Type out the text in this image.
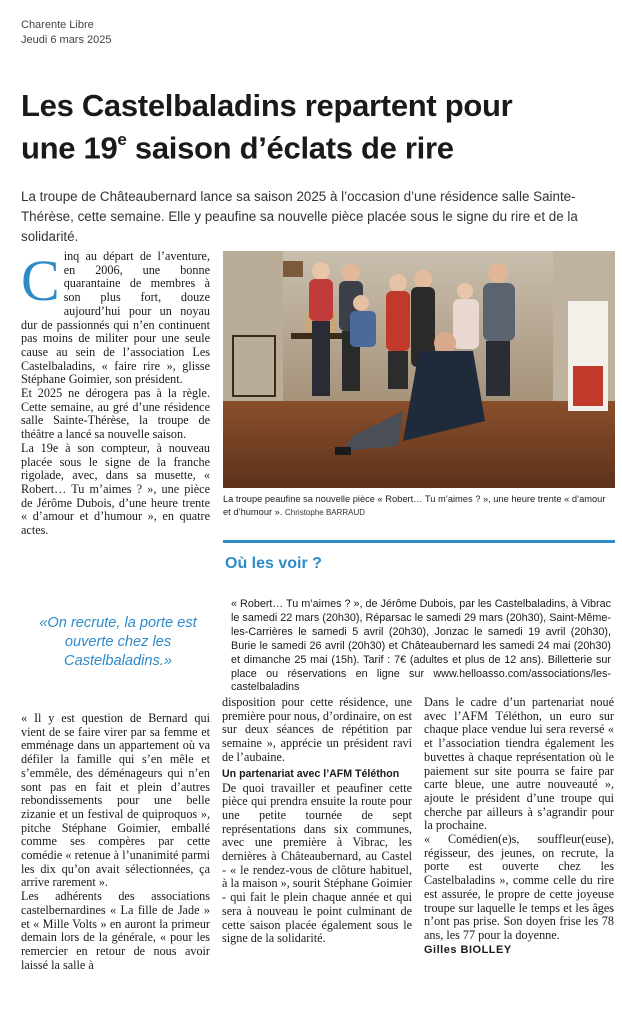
Charente Libre
Jeudi 6 mars 2025
Les Castelbaladins repartent pour
une 19e saison d’éclats de rire

La troupe de Châteaubernard lance sa saison 2025 à l’occasion d’une résidence salle Sainte-Thérèse, cette semaine. Elle y peaufine sa nouvelle pièce placée sous le signe du rire et de la solidarité.

Cinq au départ de l’aventure, en 2006, une bonne quarantaine de membres à son plus fort, douze aujourd’hui pour un noyau dur de passionnés qui n’en continuent pas moins de militer pour une seule cause au sein de l’association Les Castelbaladins, « faire rire », glisse Stéphane Goimier, son président.

Et 2025 ne dérogera pas à la règle. Cette semaine, au gré d’une résidence salle Sainte-Thérèse, la troupe de théâtre a lancé sa nouvelle saison.

La 19e à son compteur, à nouveau placée sous le signe de la franche rigolade, avec, dans sa musette, « Robert… Tu m’aimes ? », une pièce de Jérôme Dubois, d’une heure trente « d’amour et d’humour », en quatre actes.

«On recrute, la porte est ouverte chez les Castelbaladins.»

« Il y est question de Bernard qui vient de se faire virer par sa femme et emménage dans un appartement où va défiler la famille qui s’en mêle et s’emmêle, des déménageurs qui n’en sont pas en fait et plein d’autres rebondissements pour une belle zizanie et un festival de quiproquos », pitche Stéphane Goimier, emballé comme ses compères par cette comédie « retenue à l’unanimité parmi les dix qu’on avait sélectionnées, ça arrive rarement ».

Les adhérents des associations castelbernardines « La fille de Jade » et « Mille Volts » en auront la primeur demain lors de la générale, « pour les remercier en retour de nous avoir laissé la salle à

La troupe peaufine sa nouvelle pièce « Robert… Tu m’aimes ? », une heure trente « d’amour et d’humour ». Christophe BARRAUD
Où les voir ?

« Robert… Tu m’aimes ? », de Jérôme Dubois, par les Castelbaladins, à Vibrac le samedi 22 mars (20h30), Réparsac le samedi 29 mars (20h30), Saint-Même-les-Carrières le samedi 5 avril (20h30), Jonzac le samedi 19 avril (20h30), Burie le samedi 26 avril (20h30) et Châteaubernard les samedi 24 mai (20h30) et dimanche 25 mai (15h). Tarif : 7€ (adultes et plus de 12 ans). Billetterie sur place ou réservations en ligne sur www.helloasso.com/associations/les-castelbaladins

disposition pour cette résidence, une première pour nous, d’ordinaire, on est sur deux séances de répétition par semaine », apprécie un président ravi de l’aubaine.

Un partenariat avec l’AFM Téléthon

De quoi travailler et peaufiner cette pièce qui prendra ensuite la route pour une petite tournée de sept représentations dans six communes, avec une première à Vibrac, les dernières à Châteaubernard, au Castel - « le rendez-vous de clôture habituel, à la maison », sourit Stéphane Goimier - qui fait le plein chaque année et qui sera à nouveau le point culminant de cette saison placée également sous le signe de la solidarité.

Dans le cadre d’un partenariat noué avec l’AFM Téléthon, un euro sur chaque place vendue lui sera reversé « et l’association tiendra également les buvettes à chaque représentation où le paiement sur site pourra se faire par carte bleue, une autre nouveauté », ajoute le président d’une troupe qui cherche par ailleurs à s’agrandir pour la prochaine.

« Comédien(e)s, souffleur(euse), régisseur, des jeunes, on recrute, la porte est ouverte chez les Castelbaladins », comme celle du rire est assurée, le propre de cette joyeuse troupe sur laquelle le temps et les âges n’ont pas prise. Son doyen frise les 78 ans, les 77 pour la doyenne.

Gilles BIOLLEY
